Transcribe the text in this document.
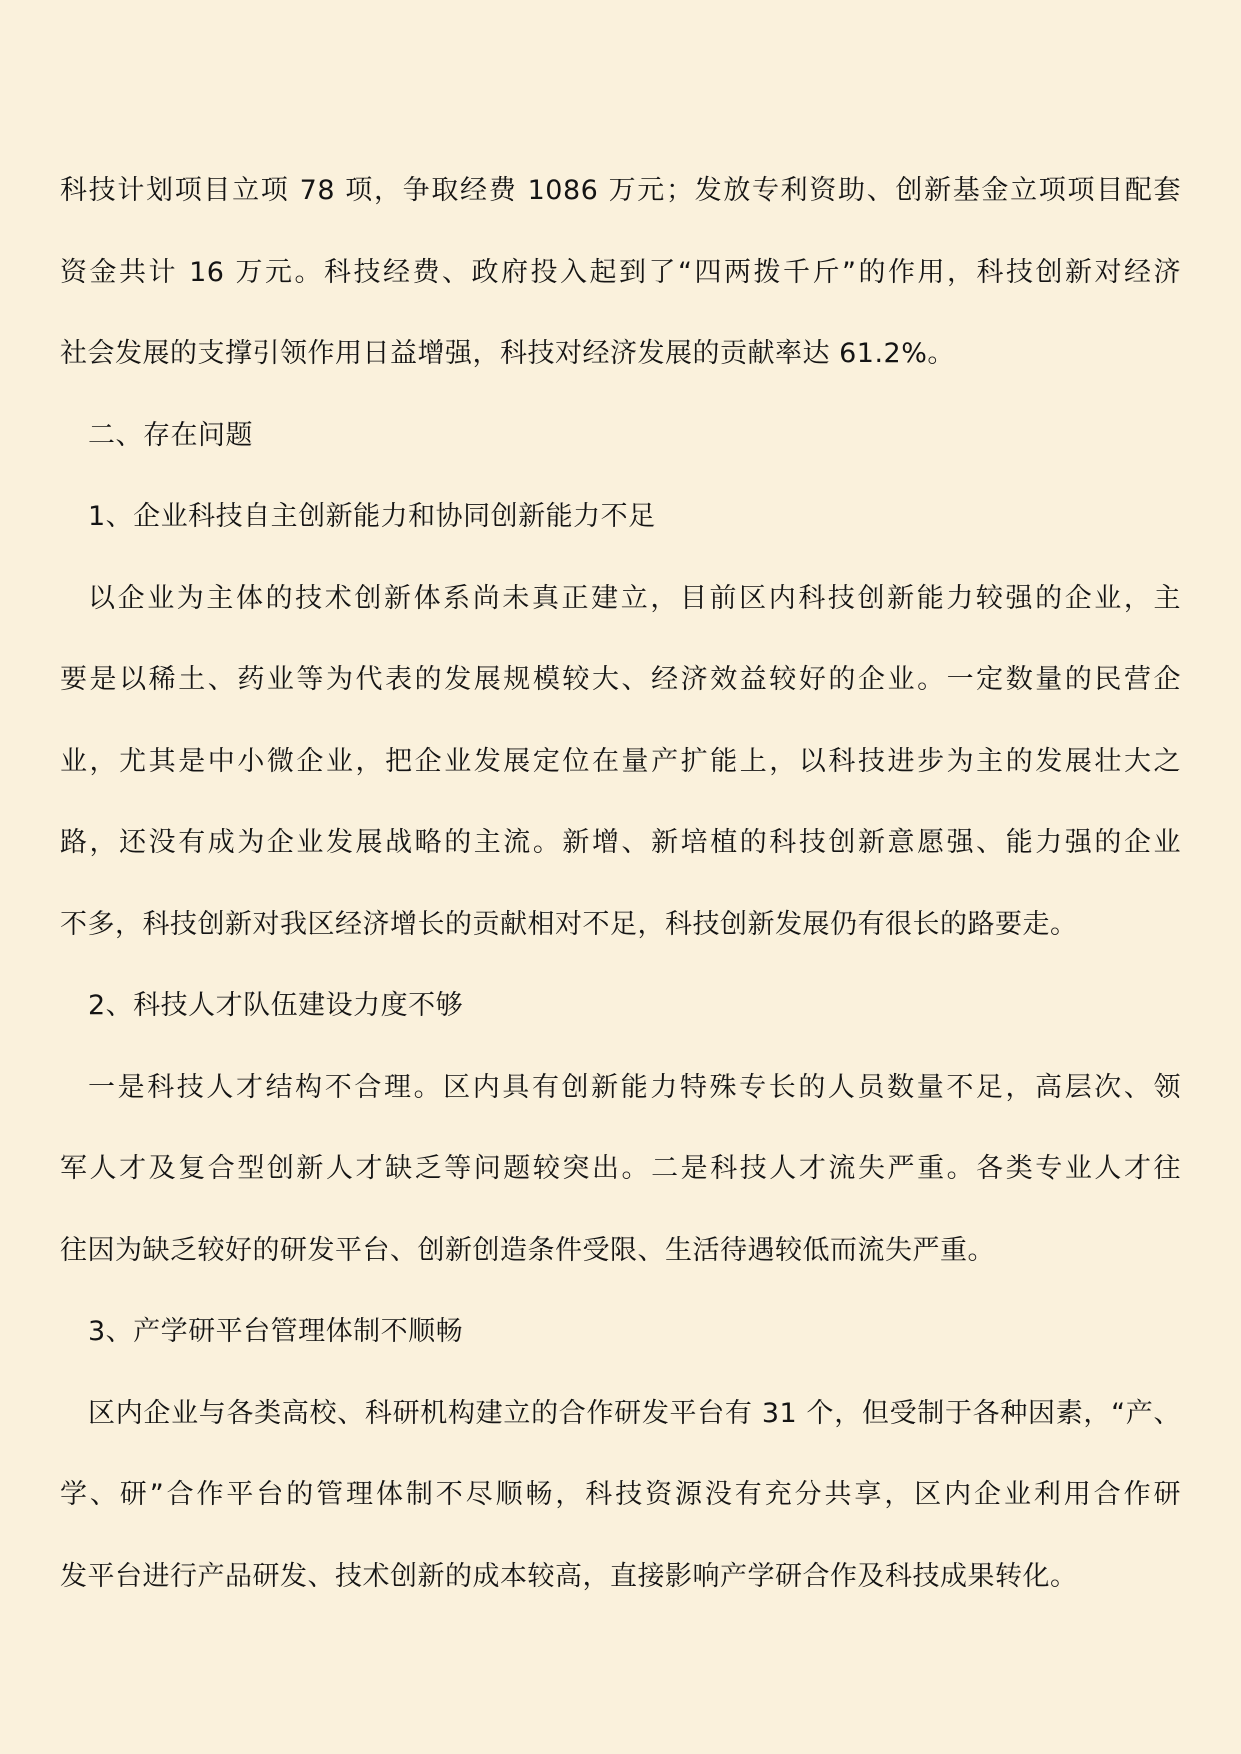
科技计划项目立项 78 项，争取经费 1086 万元；发放专利资助、创新基金立项项目配套
资金共计 16 万元。科技经费、政府投入起到了“四两拨千斤”的作用，科技创新对经济
社会发展的支撑引领作用日益增强，科技对经济发展的贡献率达 61.2%。
二、存在问题
1、企业科技自主创新能力和协同创新能力不足
以企业为主体的技术创新体系尚未真正建立，目前区内科技创新能力较强的企业，主
要是以稀土、药业等为代表的发展规模较大、经济效益较好的企业。一定数量的民营企
业，尤其是中小微企业，把企业发展定位在量产扩能上，以科技进步为主的发展壮大之
路，还没有成为企业发展战略的主流。新增、新培植的科技创新意愿强、能力强的企业
不多，科技创新对我区经济增长的贡献相对不足，科技创新发展仍有很长的路要走。
2、科技人才队伍建设力度不够
一是科技人才结构不合理。区内具有创新能力特殊专长的人员数量不足，高层次、领
军人才及复合型创新人才缺乏等问题较突出。二是科技人才流失严重。各类专业人才往
往因为缺乏较好的研发平台、创新创造条件受限、生活待遇较低而流失严重。
3、产学研平台管理体制不顺畅
区内企业与各类高校、科研机构建立的合作研发平台有 31 个，但受制于各种因素，“产、
学、研”合作平台的管理体制不尽顺畅，科技资源没有充分共享，区内企业利用合作研
发平台进行产品研发、技术创新的成本较高，直接影响产学研合作及科技成果转化。
